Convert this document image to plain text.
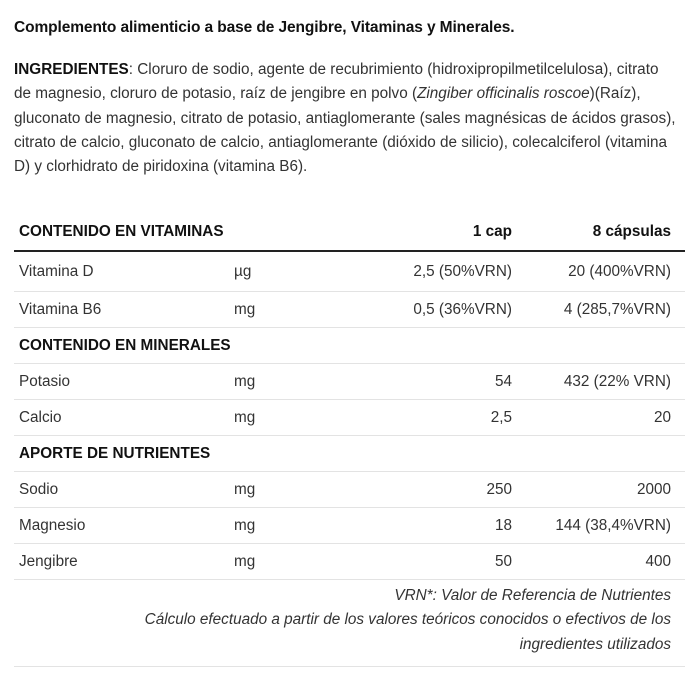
Complemento alimenticio a base de Jengibre, Vitaminas y Minerales.
INGREDIENTES: Cloruro de sodio, agente de recubrimiento (hidroxipropilmetilcelulosa), citrato de magnesio, cloruro de potasio, raíz de jengibre en polvo (Zingiber officinalis roscoe)(Raíz), gluconato de magnesio, citrato de potasio, antiaglomerante (sales magnésicas de ácidos grasos), citrato de calcio, gluconato de calcio, antiaglomerante (dióxido de silicio), colecalciferol (vitamina D) y clorhidrato de piridoxina (vitamina B6).
CONTENIDO EN VITAMINAS		1 cap	8 cápsulas
Vitamina D	µg	2,5 (50%VRN)	20 (400%VRN)
Vitamina B6	mg	0,5 (36%VRN)	4 (285,7%VRN)
CONTENIDO EN MINERALES			
Potasio	mg	54	432 (22% VRN)
Calcio	mg	2,5	20
APORTE DE NUTRIENTES			
Sodio	mg	250	2000
Magnesio	mg	18	144 (38,4%VRN)
Jengibre	mg	50	400

VRN*: Valor de Referencia de Nutrientes

Cálculo efectuado a partir de los valores teóricos conocidos o efectivos de los ingredientes utilizados
